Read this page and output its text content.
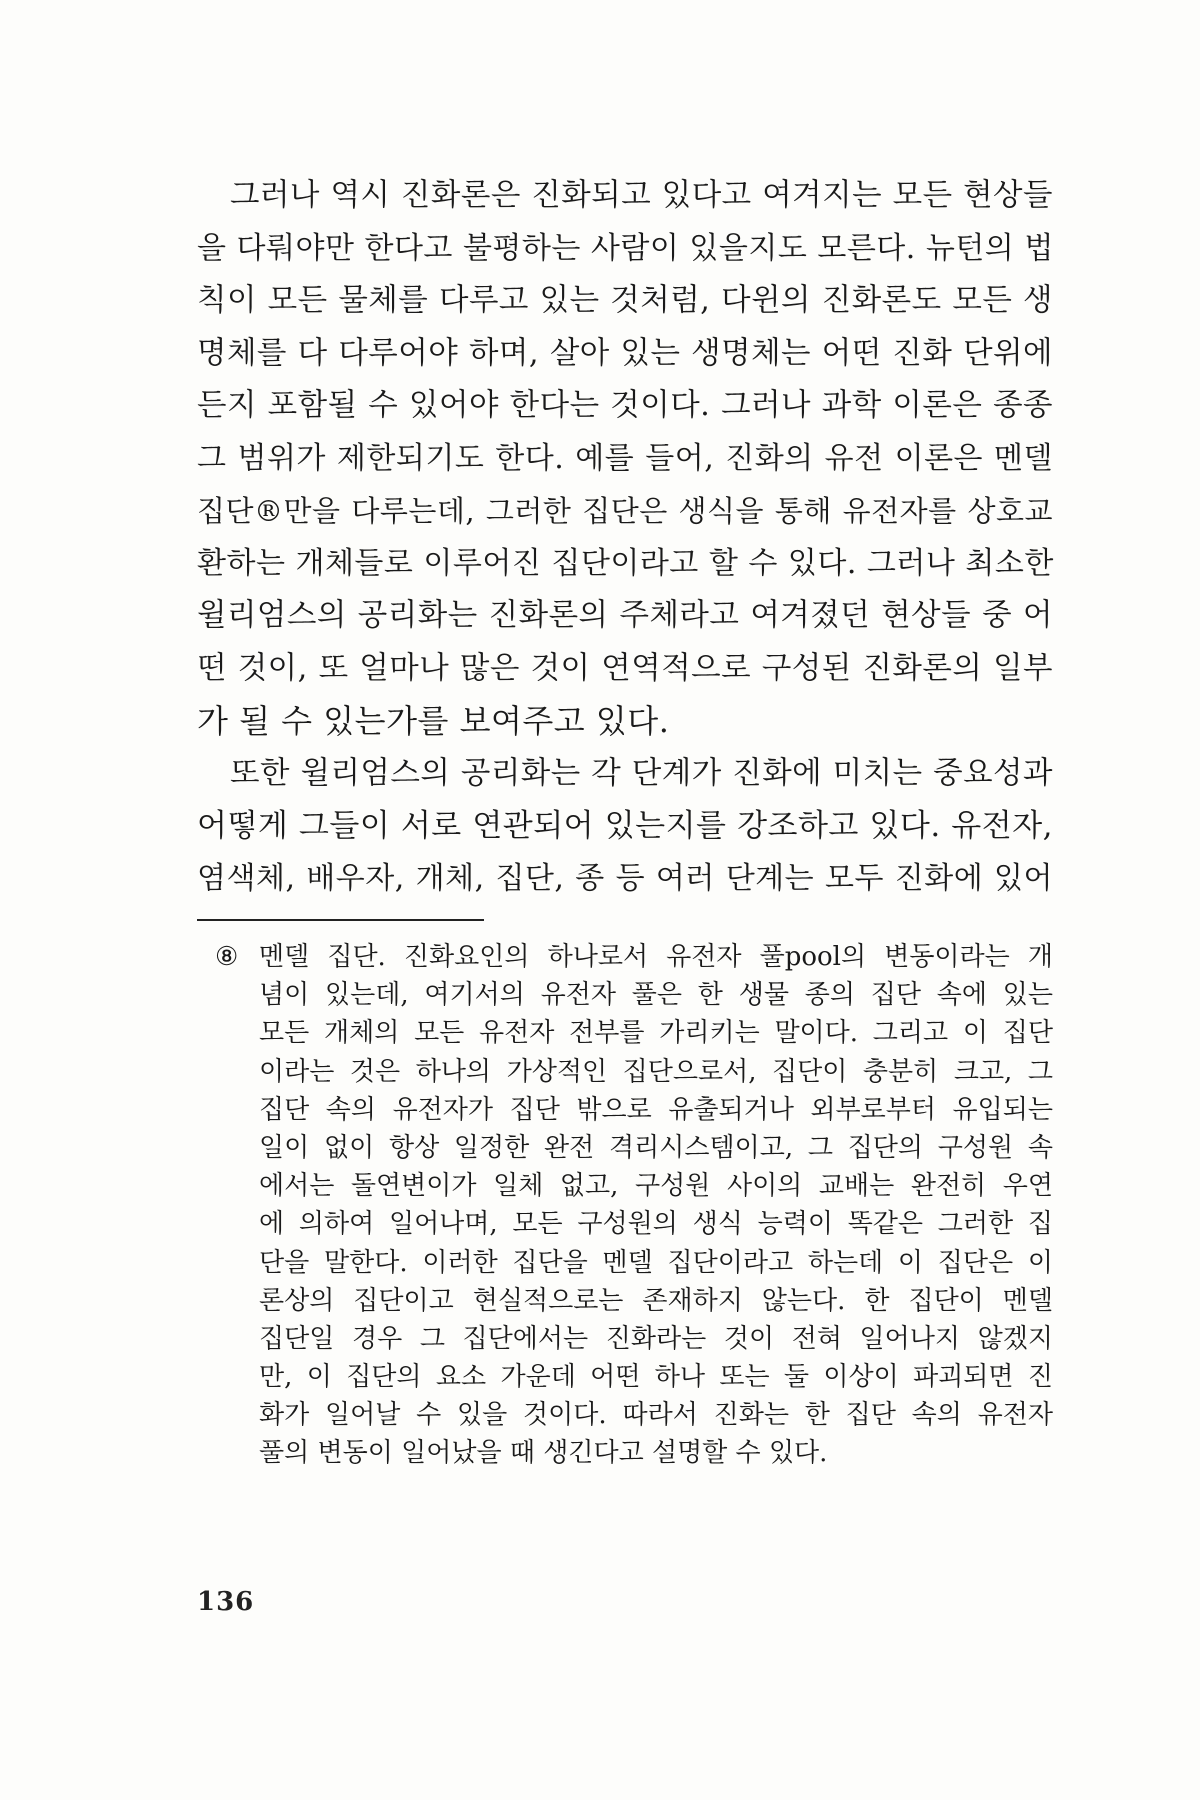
그러나 역시 진화론은 진화되고 있다고 여겨지는 모든 현상들
을 다뤄야만 한다고 불평하는 사람이 있을지도 모른다. 뉴턴의 법
칙이 모든 물체를 다루고 있는 것처럼, 다윈의 진화론도 모든 생
명체를 다 다루어야 하며, 살아 있는 생명체는 어떤 진화 단위에
든지 포함될 수 있어야 한다는 것이다. 그러나 과학 이론은 종종
그 범위가 제한되기도 한다. 예를 들어, 진화의 유전 이론은 멘델
집단®만을 다루는데, 그러한 집단은 생식을 통해 유전자를 상호교
환하는 개체들로 이루어진 집단이라고 할 수 있다. 그러나 최소한
윌리엄스의 공리화는 진화론의 주체라고 여겨졌던 현상들 중 어
떤 것이, 또 얼마나 많은 것이 연역적으로 구성된 진화론의 일부
가 될 수 있는가를 보여주고 있다.
또한 윌리엄스의 공리화는 각 단계가 진화에 미치는 중요성과
어떻게 그들이 서로 연관되어 있는지를 강조하고 있다. 유전자,
염색체, 배우자, 개체, 집단, 종 등 여러 단계는 모두 진화에 있어
⑧ 멘델 집단. 진화요인의 하나로서 유전자 풀pool의 변동이라는 개
념이 있는데, 여기서의 유전자 풀은 한 생물 종의 집단 속에 있는
모든 개체의 모든 유전자 전부를 가리키는 말이다. 그리고 이 집단
이라는 것은 하나의 가상적인 집단으로서, 집단이 충분히 크고, 그
집단 속의 유전자가 집단 밖으로 유출되거나 외부로부터 유입되는
일이 없이 항상 일정한 완전 격리시스템이고, 그 집단의 구성원 속
에서는 돌연변이가 일체 없고, 구성원 사이의 교배는 완전히 우연
에 의하여 일어나며, 모든 구성원의 생식 능력이 똑같은 그러한 집
단을 말한다. 이러한 집단을 멘델 집단이라고 하는데 이 집단은 이
론상의 집단이고 현실적으로는 존재하지 않는다. 한 집단이 멘델
집단일 경우 그 집단에서는 진화라는 것이 전혀 일어나지 않겠지
만, 이 집단의 요소 가운데 어떤 하나 또는 둘 이상이 파괴되면 진
화가 일어날 수 있을 것이다. 따라서 진화는 한 집단 속의 유전자
풀의 변동이 일어났을 때 생긴다고 설명할 수 있다.
136
